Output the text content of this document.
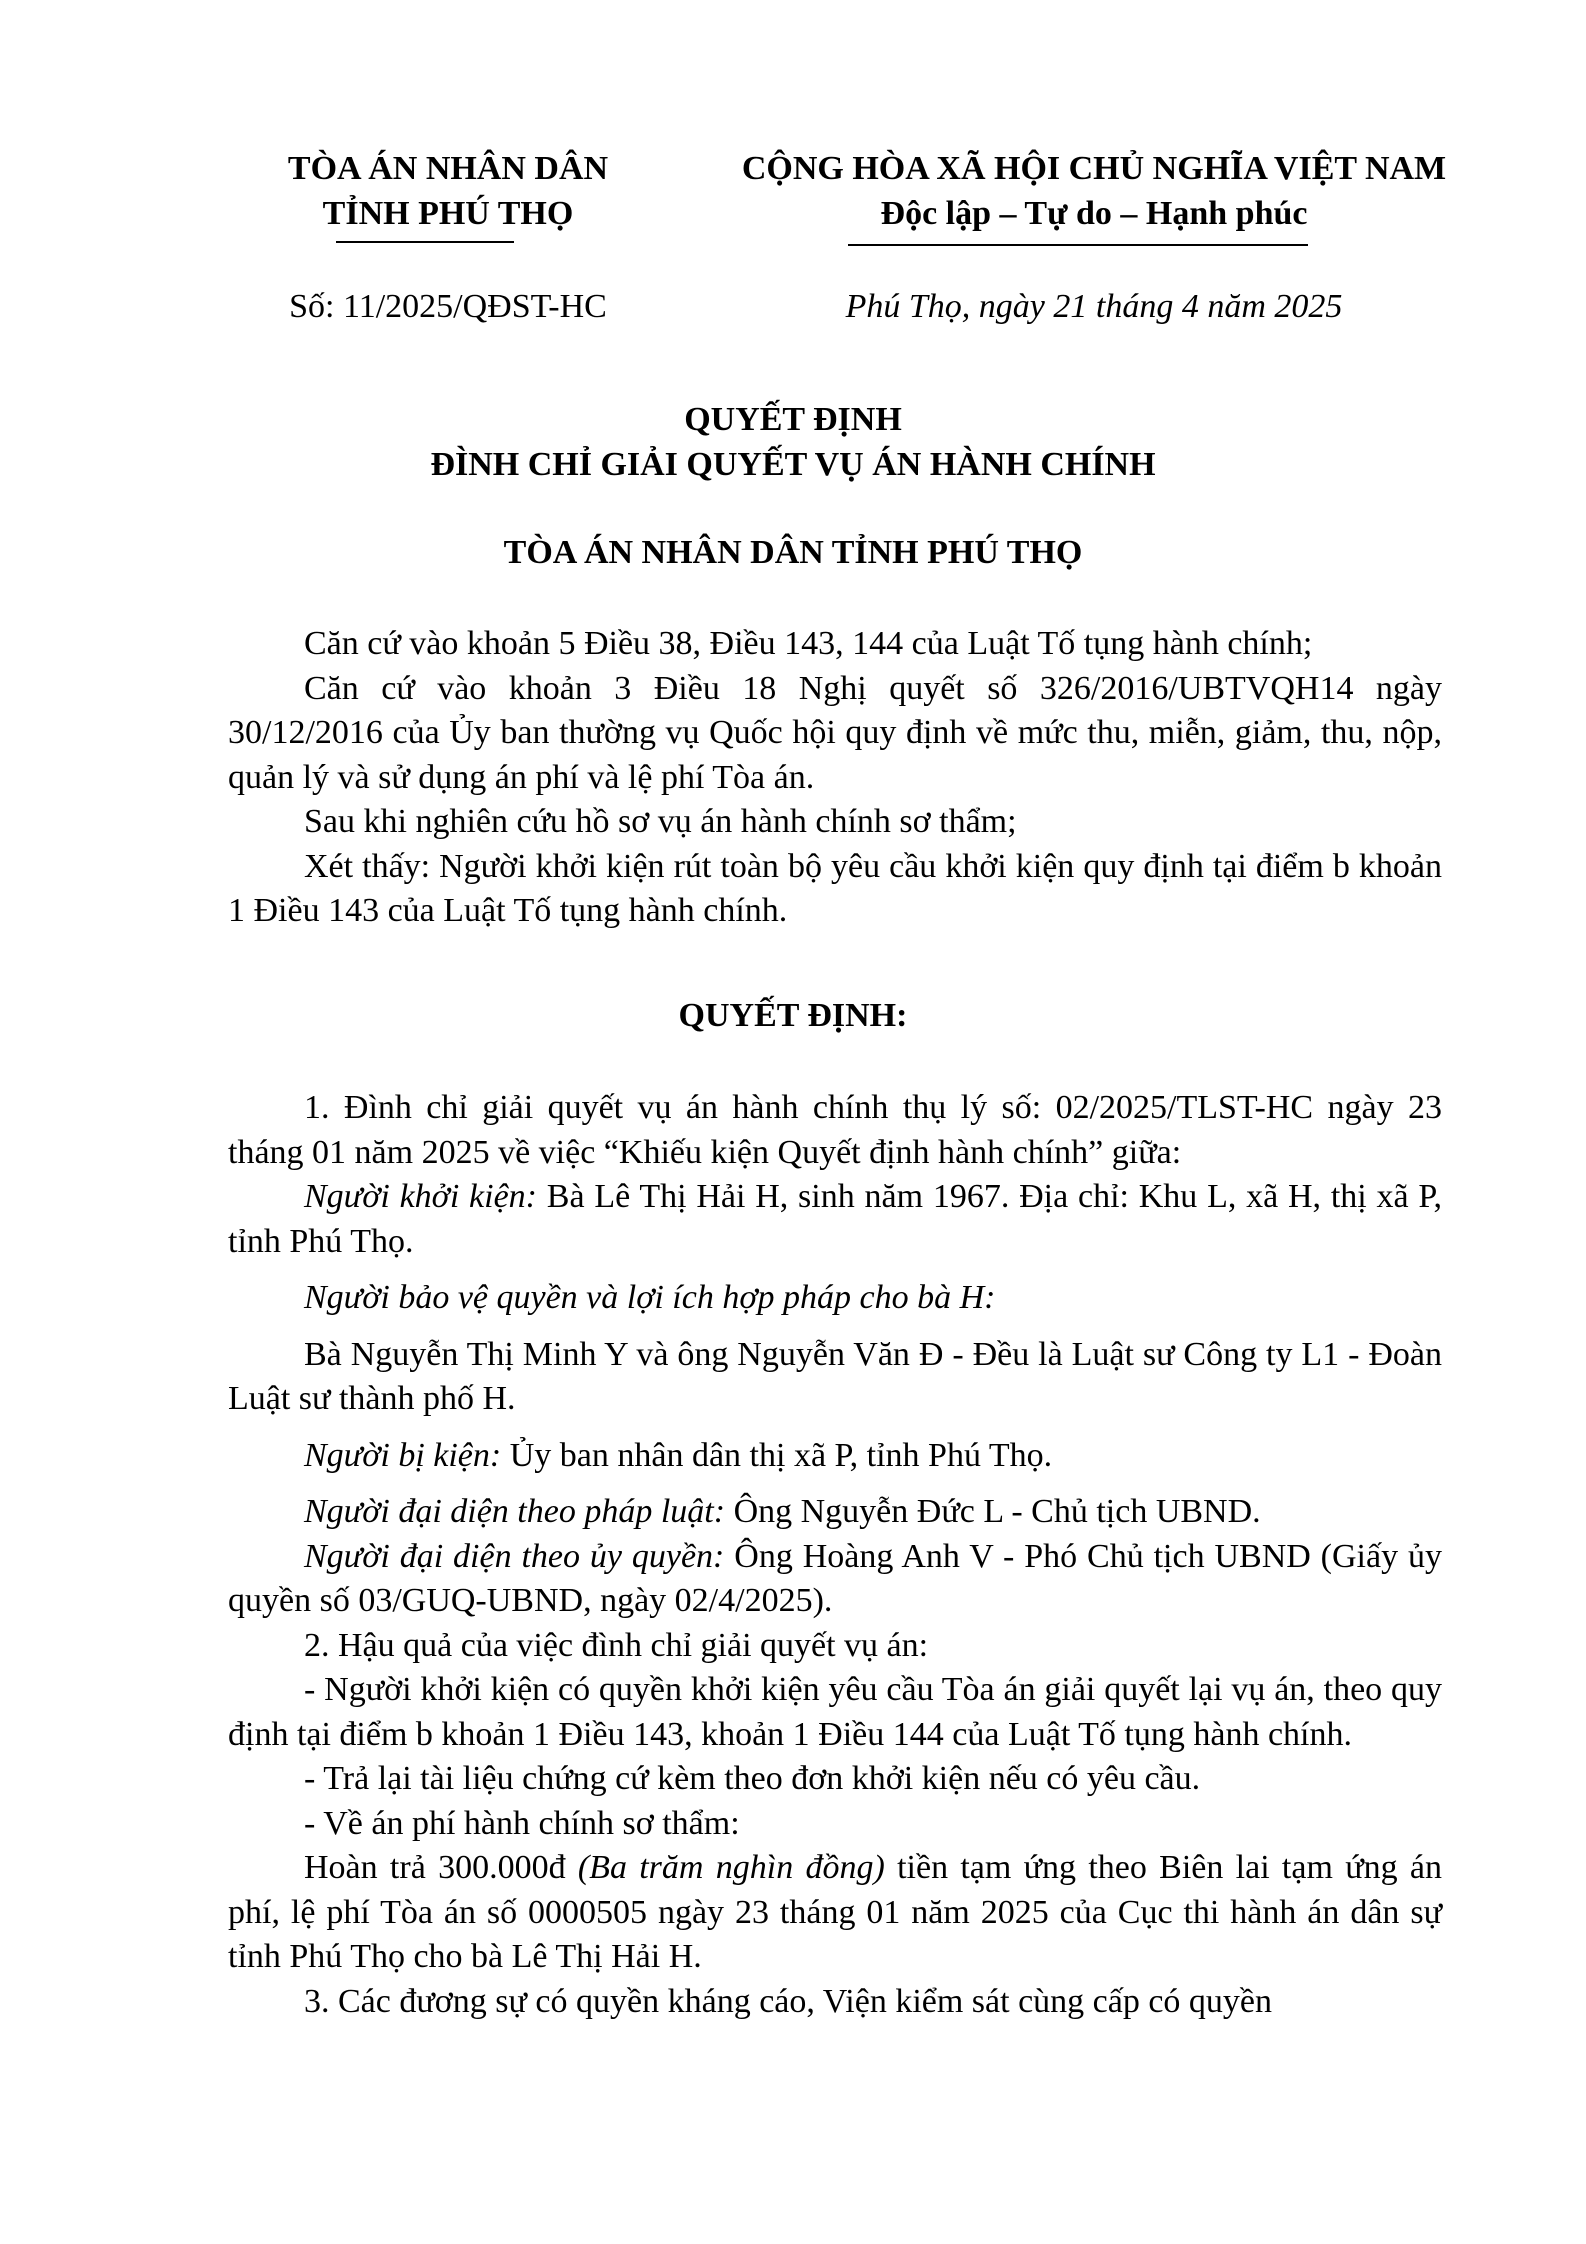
TÒA ÁN NHÂN DÂN
TỈNH PHÚ THỌ
CỘNG HÒA XÃ HỘI CHỦ NGHĨA VIỆT NAM
Độc lập – Tự do – Hạnh phúc
Số: 11/2025/QĐST-HC	Phú Thọ, ngày 21 tháng 4 năm 2025
QUYẾT ĐỊNH
ĐÌNH CHỈ GIẢI QUYẾT VỤ ÁN HÀNH CHÍNH
TÒA ÁN NHÂN DÂN TỈNH PHÚ THỌ

Căn cứ vào khoản 5 Điều 38, Điều 143, 144 của Luật Tố tụng hành chính;

Căn cứ vào khoản 3 Điều 18 Nghị quyết số 326/2016/UBTVQH14 ngày 30/12/2016 của Ủy ban thường vụ Quốc hội quy định về mức thu, miễn, giảm, thu, nộp, quản lý và sử dụng án phí và lệ phí Tòa án.

Sau khi nghiên cứu hồ sơ vụ án hành chính sơ thẩm;

Xét thấy: Người khởi kiện rút toàn bộ yêu cầu khởi kiện quy định tại điểm b khoản 1 Điều 143 của Luật Tố tụng hành chính.

QUYẾT ĐỊNH:

1. Đình chỉ giải quyết vụ án hành chính thụ lý số: 02/2025/TLST-HC ngày 23 tháng 01 năm 2025 về việc “Khiếu kiện Quyết định hành chính” giữa:

Người khởi kiện: Bà Lê Thị Hải H, sinh năm 1967. Địa chỉ: Khu L, xã H, thị xã P, tỉnh Phú Thọ.

Người bảo vệ quyền và lợi ích hợp pháp cho bà H:

Bà Nguyễn Thị Minh Y và ông Nguyễn Văn Đ - Đều là Luật sư Công ty L1 - Đoàn Luật sư thành phố H.

Người bị kiện: Ủy ban nhân dân thị xã P, tỉnh Phú Thọ.

Người đại diện theo pháp luật: Ông Nguyễn Đức L - Chủ tịch UBND.

Người đại diện theo ủy quyền: Ông Hoàng Anh V - Phó Chủ tịch UBND (Giấy ủy quyền số 03/GUQ-UBND, ngày 02/4/2025).

2. Hậu quả của việc đình chỉ giải quyết vụ án:

- Người khởi kiện có quyền khởi kiện yêu cầu Tòa án giải quyết lại vụ án, theo quy định tại điểm b khoản 1 Điều 143, khoản 1 Điều 144 của Luật Tố tụng hành chính.

- Trả lại tài liệu chứng cứ kèm theo đơn khởi kiện nếu có yêu cầu.

- Về án phí hành chính sơ thẩm:

Hoàn trả 300.000đ (Ba trăm nghìn đồng) tiền tạm ứng theo Biên lai tạm ứng án phí, lệ phí Tòa án số 0000505 ngày 23 tháng 01 năm 2025 của Cục thi hành án dân sự tỉnh Phú Thọ cho bà Lê Thị Hải H.

3. Các đương sự có quyền kháng cáo, Viện kiểm sát cùng cấp có quyền
